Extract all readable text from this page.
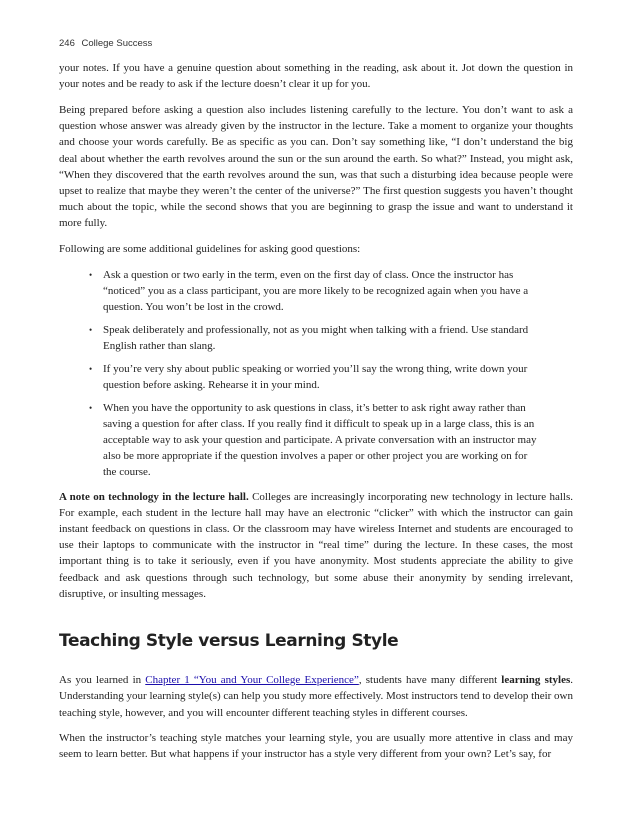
246 College Success

your notes. If you have a genuine question about something in the reading, ask about it. Jot down the question in your notes and be ready to ask if the lecture doesn’t clear it up for you.

Being prepared before asking a question also includes listening carefully to the lecture. You don’t want to ask a question whose answer was already given by the instructor in the lecture. Take a moment to organize your thoughts and choose your words carefully. Be as specific as you can. Don’t say something like, “I don’t understand the big deal about whether the earth revolves around the sun or the sun around the earth. So what?” Instead, you might ask, “When they discovered that the earth revolves around the sun, was that such a disturbing idea because people were upset to realize that maybe they weren’t the center of the universe?” The first question suggests you haven’t thought much about the topic, while the second shows that you are beginning to grasp the issue and want to understand it more fully.

Following are some additional guidelines for asking good questions:

• Ask a question or two early in the term, even on the first day of class. Once the instructor has “noticed” you as a class participant, you are more likely to be recognized again when you have a question. You won’t be lost in the crowd.
• Speak deliberately and professionally, not as you might when talking with a friend. Use standard English rather than slang.
• If you’re very shy about public speaking or worried you’ll say the wrong thing, write down your question before asking. Rehearse it in your mind.
• When you have the opportunity to ask questions in class, it’s better to ask right away rather than saving a question for after class. If you really find it difficult to speak up in a large class, this is an acceptable way to ask your question and participate. A private conversation with an instructor may also be more appropriate if the question involves a paper or other project you are working on for the course.

A note on technology in the lecture hall. Colleges are increasingly incorporating new technology in lecture halls. For example, each student in the lecture hall may have an electronic “clicker” with which the instructor can gain instant feedback on questions in class. Or the classroom may have wireless Internet and students are encouraged to use their laptops to communicate with the instructor in “real time” during the lecture. In these cases, the most important thing is to take it seriously, even if you have anonymity. Most students appreciate the ability to give feedback and ask questions through such technology, but some abuse their anonymity by sending irrelevant, disruptive, or insulting messages.

Teaching Style versus Learning Style

As you learned in Chapter 1 “You and Your College Experience”, students have many different learning styles. Understanding your learning style(s) can help you study more effectively. Most instructors tend to develop their own teaching style, however, and you will encounter different teaching styles in different courses.

When the instructor’s teaching style matches your learning style, you are usually more attentive in class and may seem to learn better. But what happens if your instructor has a style very different from your own? Let’s say, for
